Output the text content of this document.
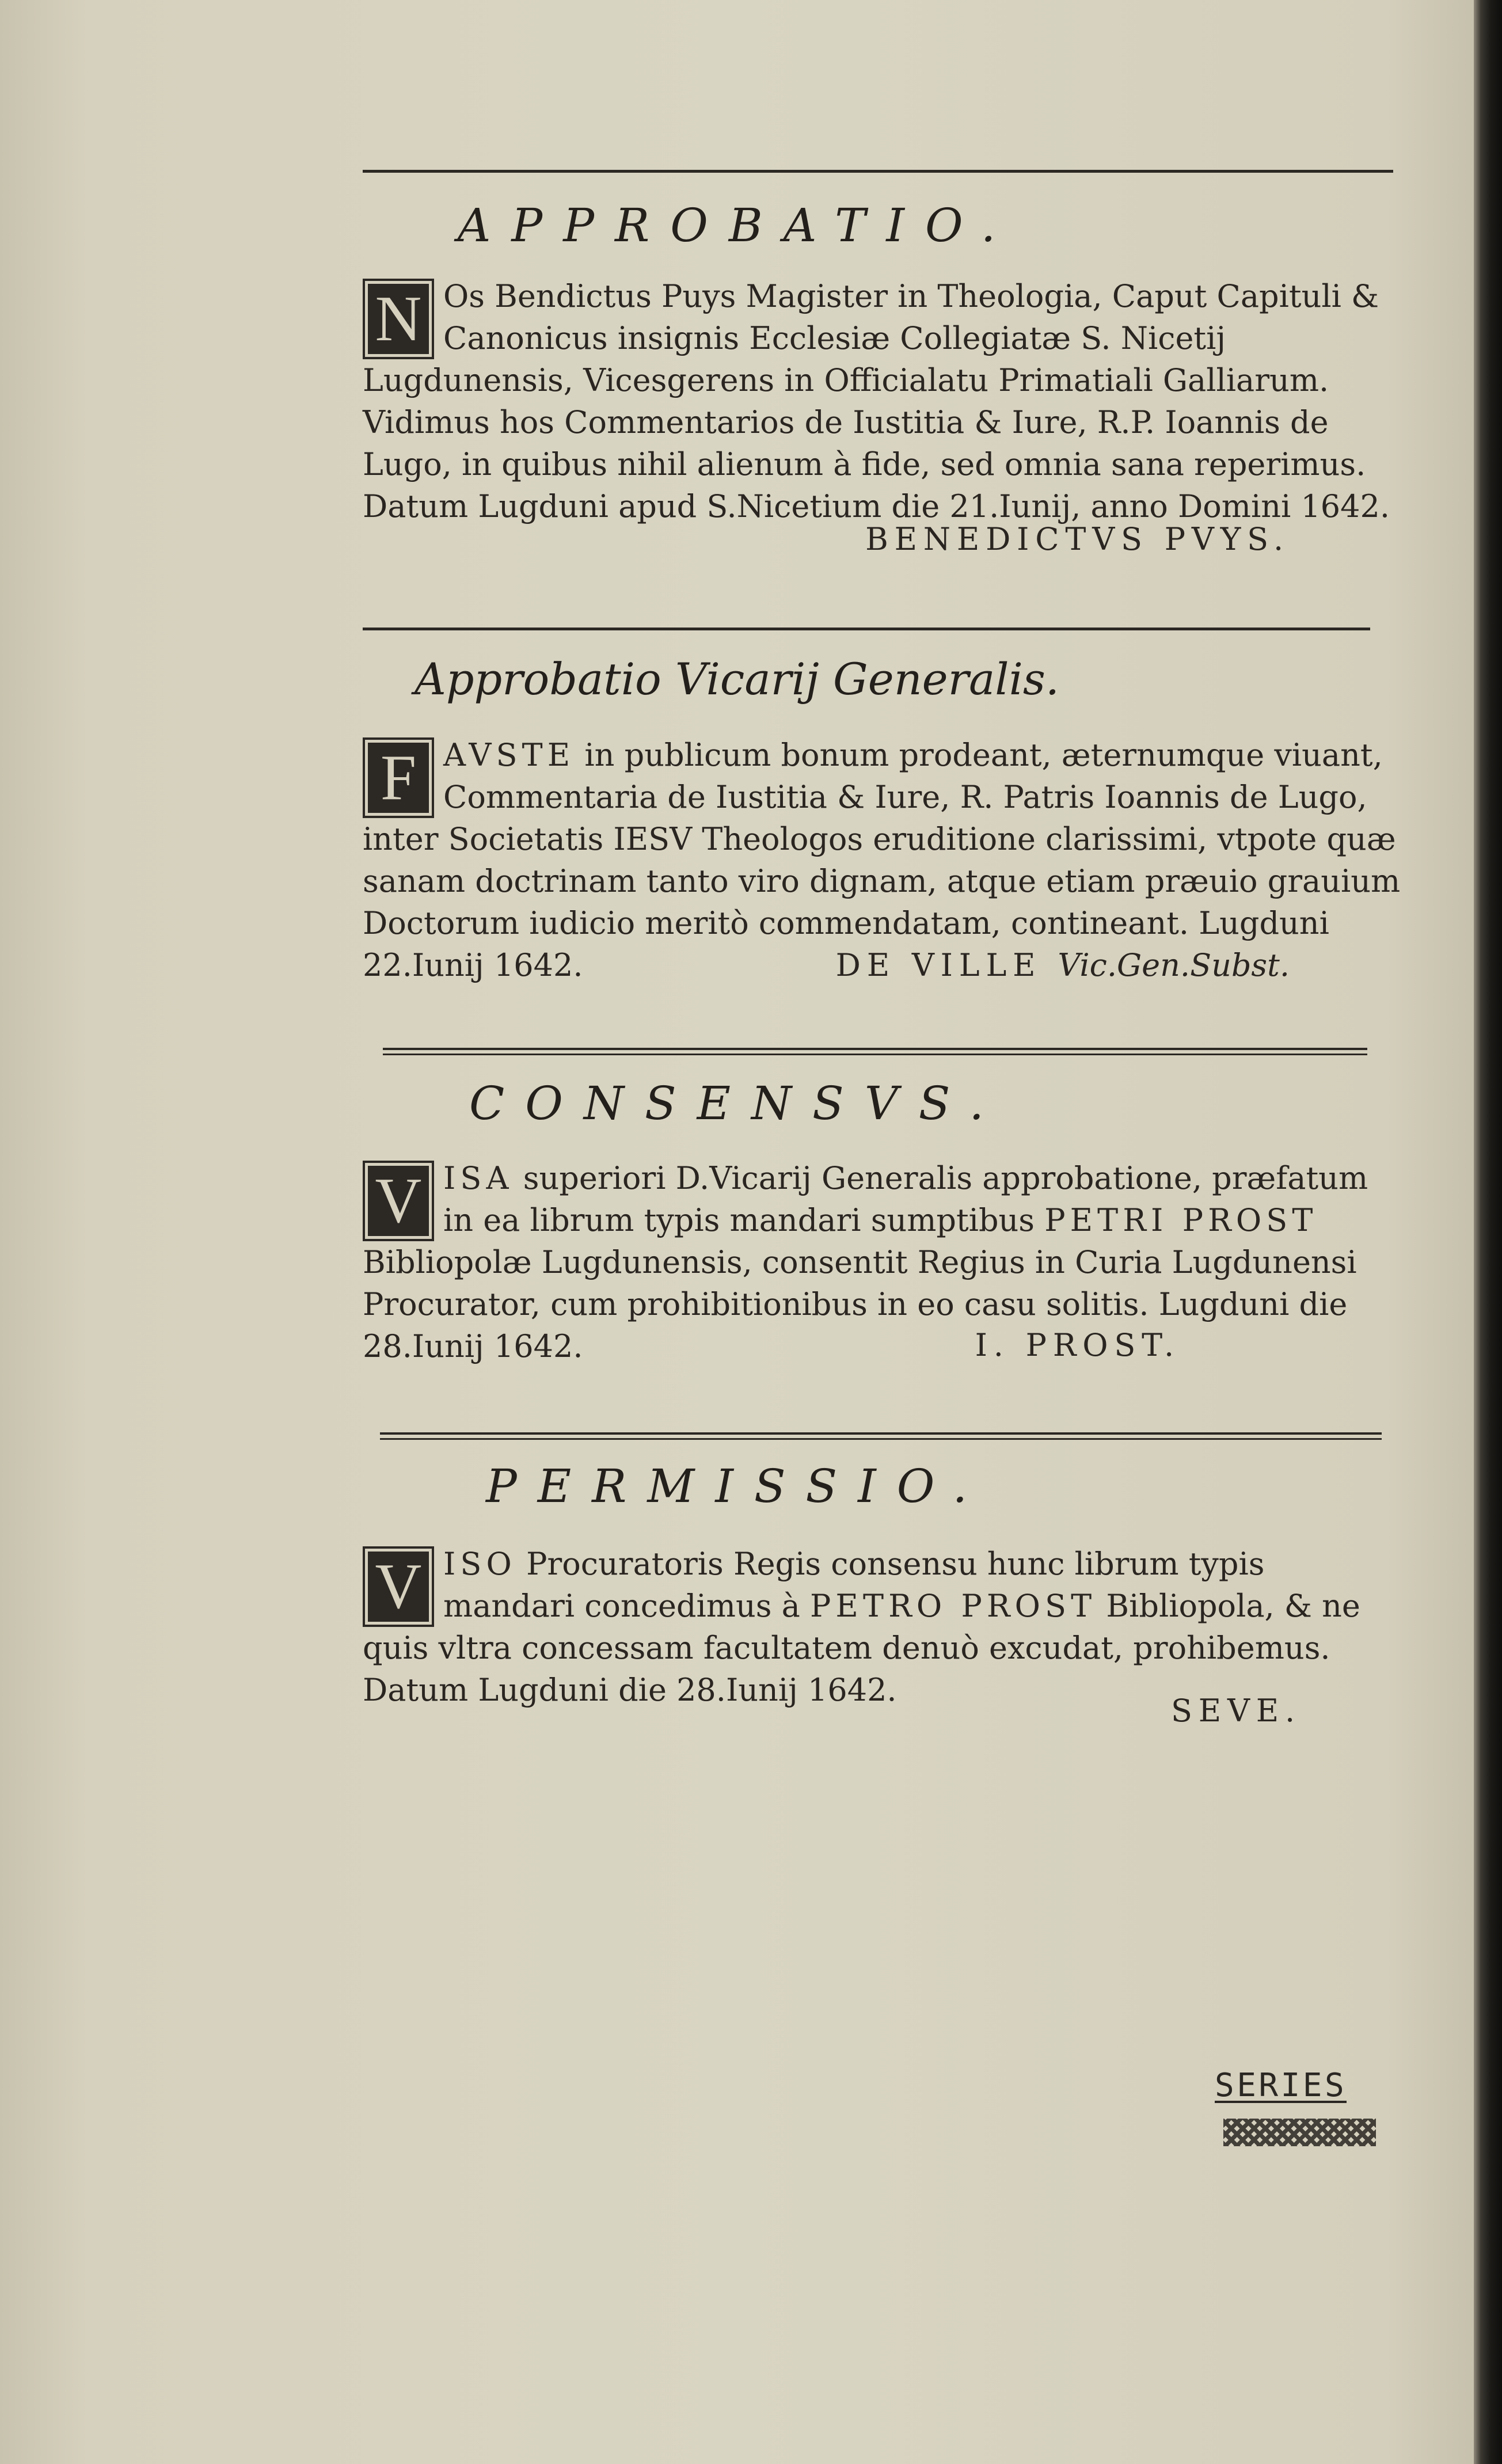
APPROBATIO.
N Os Bendictus Puys Magister in Theologia, Caput Capituli & Canonicus insignis Ecclesiæ Collegiatæ S. Nicetij Lugdunensis, Vicesgerens in Officialatu Primatiali Galliarum. Vidimus hos Commentarios de Iustitia & Iure, R.P. Ioannis de Lugo, in quibus nihil alienum à fide, sed omnia sana reperimus. Datum Lugduni apud S.Nicetium die 21.Iunij, anno Domini 1642.
BENEDICTVS PVYS.
Approbatio Vicarij Generalis.
F AVSTE in publicum bonum prodeant, æternumque viuant, Commentaria de Iustitia & Iure, R. Patris Ioannis de Lugo, inter Societatis IESV Theologos eruditione clarissimi, vtpote quæ sanam doctrinam tanto viro dignam, atque etiam præuio grauium Doctorum iudicio meritò commendatam, contineant. Lugduni 22.Iunij 1642.	DE VILLE Vic.Gen.Subst.
CONSENSVS.
V ISA superiori D.Vicarij Generalis approbatione, præfatum in ea librum typis mandari sumptibus PETRI PROST Bibliopolæ Lugdunensis, consentit Regius in Curia Lugdunensi Procurator, cum prohibitionibus in eo casu solitis. Lugduni die 28.Iunij 1642.	I. PROST.
PERMISSIO.
V ISO Procuratoris Regis consensu hunc librum typis mandari concedimus à PETRO PROST Bibliopola, & ne quis vltra concessam facultatem denuò excudat, prohibemus. Datum Lugduni die 28.Iunij 1642.
SEVE.
SERIES
